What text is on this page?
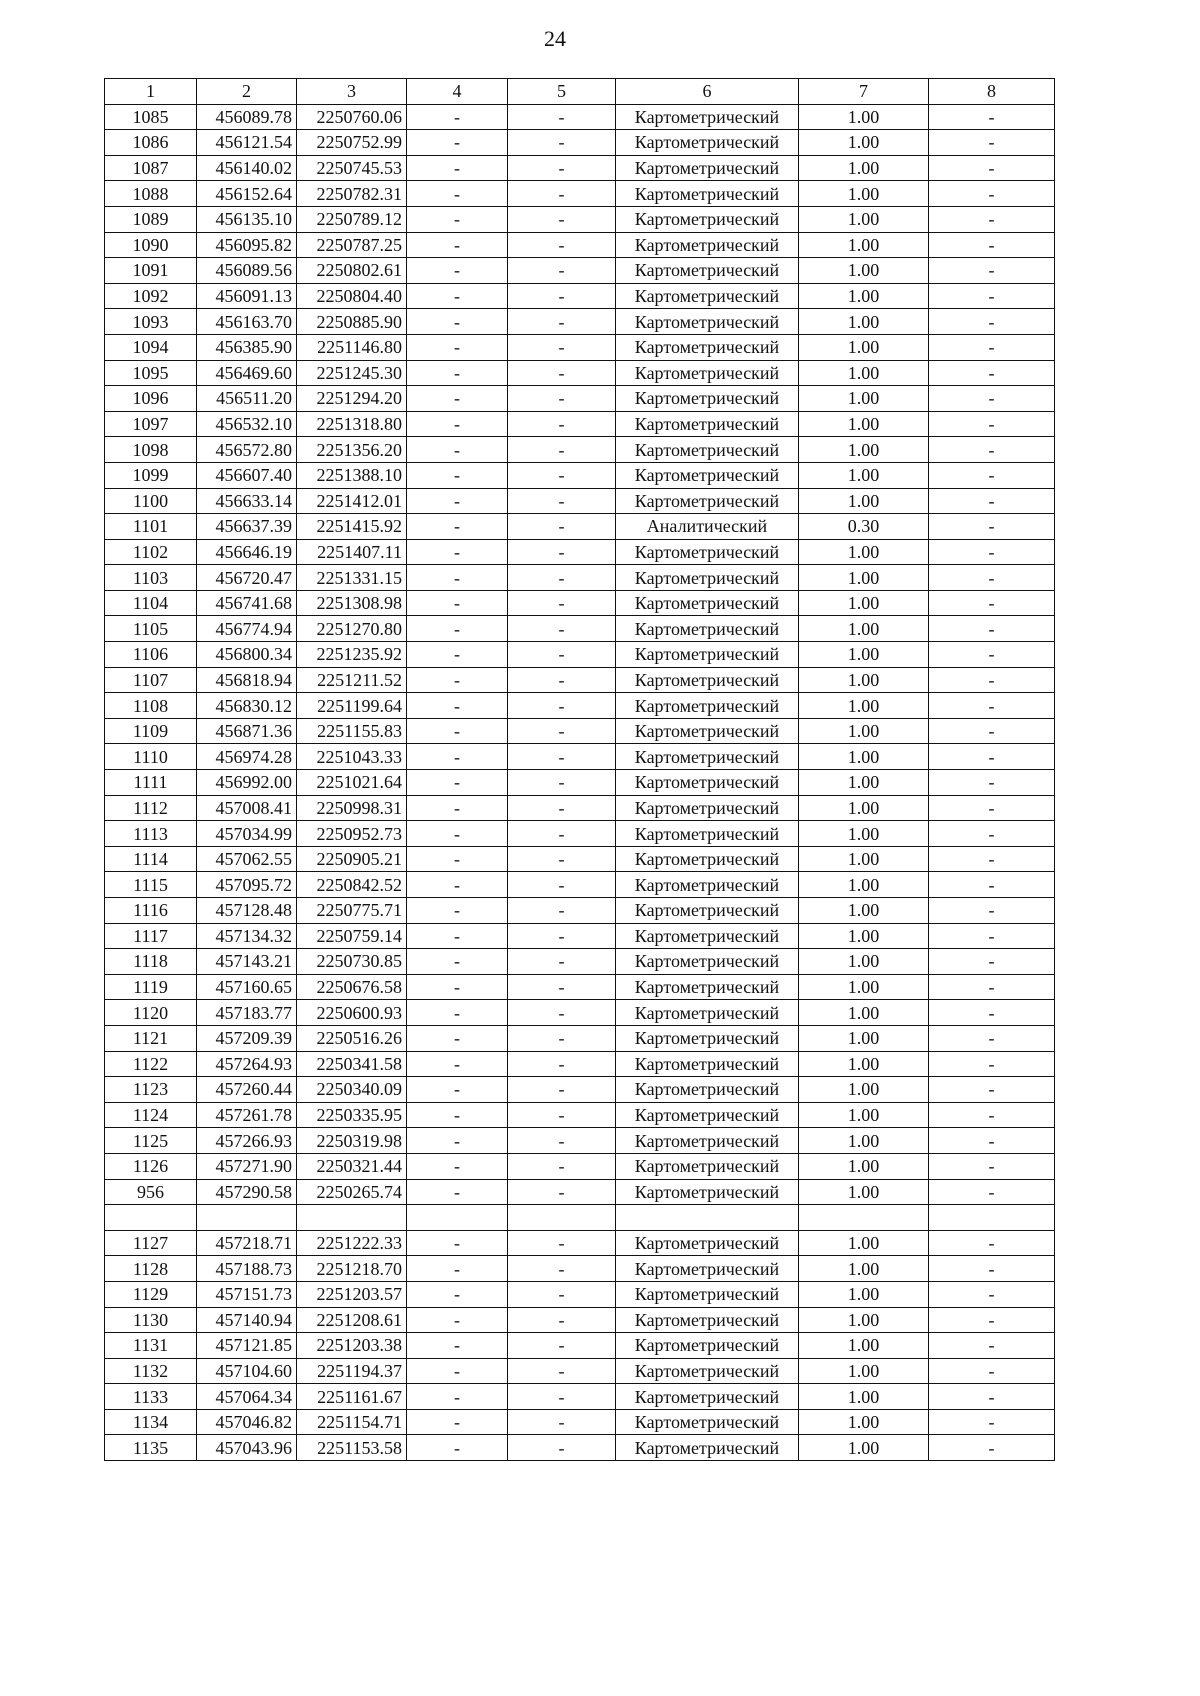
24
1	2	3	4	5	6	7	8
1085	456089.78	2250760.06	-	-	Картометрический	1.00	-
1086	456121.54	2250752.99	-	-	Картометрический	1.00	-
1087	456140.02	2250745.53	-	-	Картометрический	1.00	-
1088	456152.64	2250782.31	-	-	Картометрический	1.00	-
1089	456135.10	2250789.12	-	-	Картометрический	1.00	-
1090	456095.82	2250787.25	-	-	Картометрический	1.00	-
1091	456089.56	2250802.61	-	-	Картометрический	1.00	-
1092	456091.13	2250804.40	-	-	Картометрический	1.00	-
1093	456163.70	2250885.90	-	-	Картометрический	1.00	-
1094	456385.90	2251146.80	-	-	Картометрический	1.00	-
1095	456469.60	2251245.30	-	-	Картометрический	1.00	-
1096	456511.20	2251294.20	-	-	Картометрический	1.00	-
1097	456532.10	2251318.80	-	-	Картометрический	1.00	-
1098	456572.80	2251356.20	-	-	Картометрический	1.00	-
1099	456607.40	2251388.10	-	-	Картометрический	1.00	-
1100	456633.14	2251412.01	-	-	Картометрический	1.00	-
1101	456637.39	2251415.92	-	-	Аналитический	0.30	-
1102	456646.19	2251407.11	-	-	Картометрический	1.00	-
1103	456720.47	2251331.15	-	-	Картометрический	1.00	-
1104	456741.68	2251308.98	-	-	Картометрический	1.00	-
1105	456774.94	2251270.80	-	-	Картометрический	1.00	-
1106	456800.34	2251235.92	-	-	Картометрический	1.00	-
1107	456818.94	2251211.52	-	-	Картометрический	1.00	-
1108	456830.12	2251199.64	-	-	Картометрический	1.00	-
1109	456871.36	2251155.83	-	-	Картометрический	1.00	-
1110	456974.28	2251043.33	-	-	Картометрический	1.00	-
1111	456992.00	2251021.64	-	-	Картометрический	1.00	-
1112	457008.41	2250998.31	-	-	Картометрический	1.00	-
1113	457034.99	2250952.73	-	-	Картометрический	1.00	-
1114	457062.55	2250905.21	-	-	Картометрический	1.00	-
1115	457095.72	2250842.52	-	-	Картометрический	1.00	-
1116	457128.48	2250775.71	-	-	Картометрический	1.00	-
1117	457134.32	2250759.14	-	-	Картометрический	1.00	-
1118	457143.21	2250730.85	-	-	Картометрический	1.00	-
1119	457160.65	2250676.58	-	-	Картометрический	1.00	-
1120	457183.77	2250600.93	-	-	Картометрический	1.00	-
1121	457209.39	2250516.26	-	-	Картометрический	1.00	-
1122	457264.93	2250341.58	-	-	Картометрический	1.00	-
1123	457260.44	2250340.09	-	-	Картометрический	1.00	-
1124	457261.78	2250335.95	-	-	Картометрический	1.00	-
1125	457266.93	2250319.98	-	-	Картометрический	1.00	-
1126	457271.90	2250321.44	-	-	Картометрический	1.00	-
956	457290.58	2250265.74	-	-	Картометрический	1.00	-

1127	457218.71	2251222.33	-	-	Картометрический	1.00	-
1128	457188.73	2251218.70	-	-	Картометрический	1.00	-
1129	457151.73	2251203.57	-	-	Картометрический	1.00	-
1130	457140.94	2251208.61	-	-	Картометрический	1.00	-
1131	457121.85	2251203.38	-	-	Картометрический	1.00	-
1132	457104.60	2251194.37	-	-	Картометрический	1.00	-
1133	457064.34	2251161.67	-	-	Картометрический	1.00	-
1134	457046.82	2251154.71	-	-	Картометрический	1.00	-
1135	457043.96	2251153.58	-	-	Картометрический	1.00	-
